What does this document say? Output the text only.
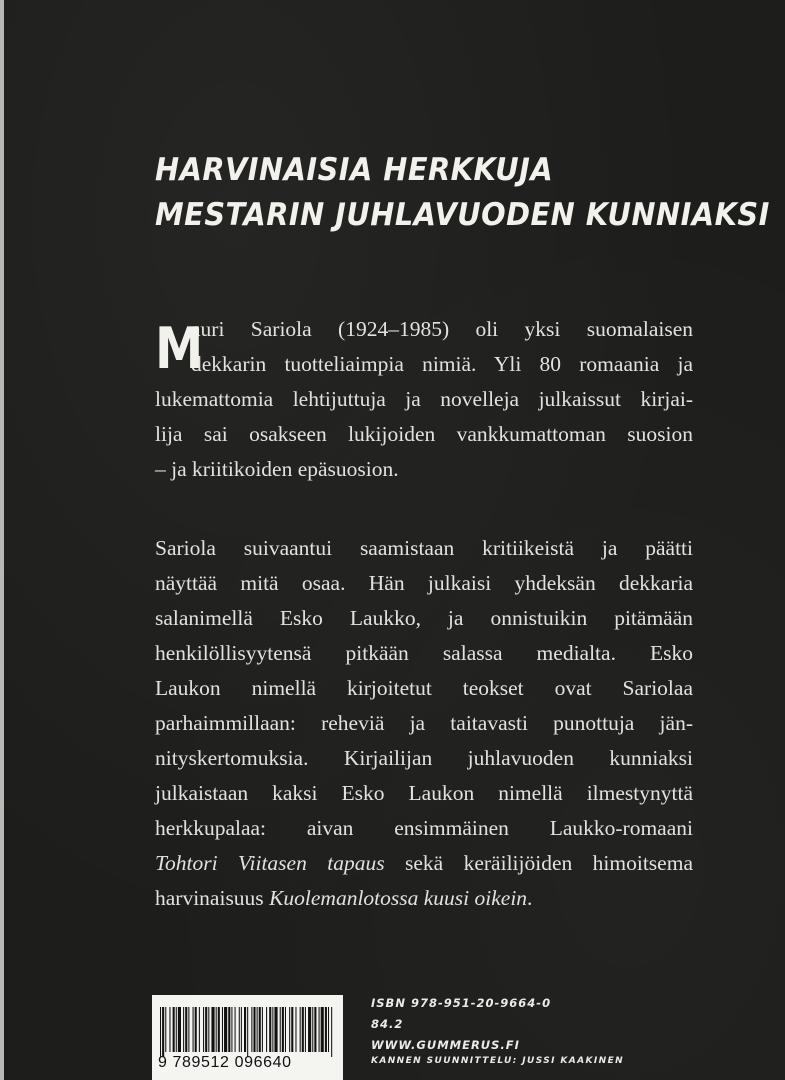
HARVINAISIA HERKKUJA
MESTARIN JUHLAVUODEN KUNNIAKSI
M
auri Sariola (1924–1985) oli yksi suomalaisen
dekkarin tuotteliaimpia nimiä. Yli 80 romaania ja
lukemattomia lehtijuttuja ja novelleja julkaissut kirjai-
lija sai osakseen lukijoiden vankkumattoman suosion
– ja kriitikoiden epäsuosion.
Sariola suivaantui saamistaan kritiikeistä ja päätti
näyttää mitä osaa. Hän julkaisi yhdeksän dekkaria
salanimellä Esko Laukko, ja onnistuikin pitämään
henkilöllisyytensä pitkään salassa medialta. Esko
Laukon nimellä kirjoitetut teokset ovat Sariolaa
parhaimmillaan: reheviä ja taitavasti punottuja jän-
nityskertomuksia. Kirjailijan juhlavuoden kunniaksi
julkaistaan kaksi Esko Laukon nimellä ilmestynyttä
herkkupalaa: aivan ensimmäinen Laukko-romaani
Tohtori Viitasen tapaus sekä keräilijöiden himoitsema
harvinaisuus Kuolemanlotossa kuusi oikein.
9 789512 096640
ISBN 978-951-20-9664-0
84.2
WWW.GUMMERUS.FI
KANNEN SUUNNITTELU: JUSSI KAAKINEN
